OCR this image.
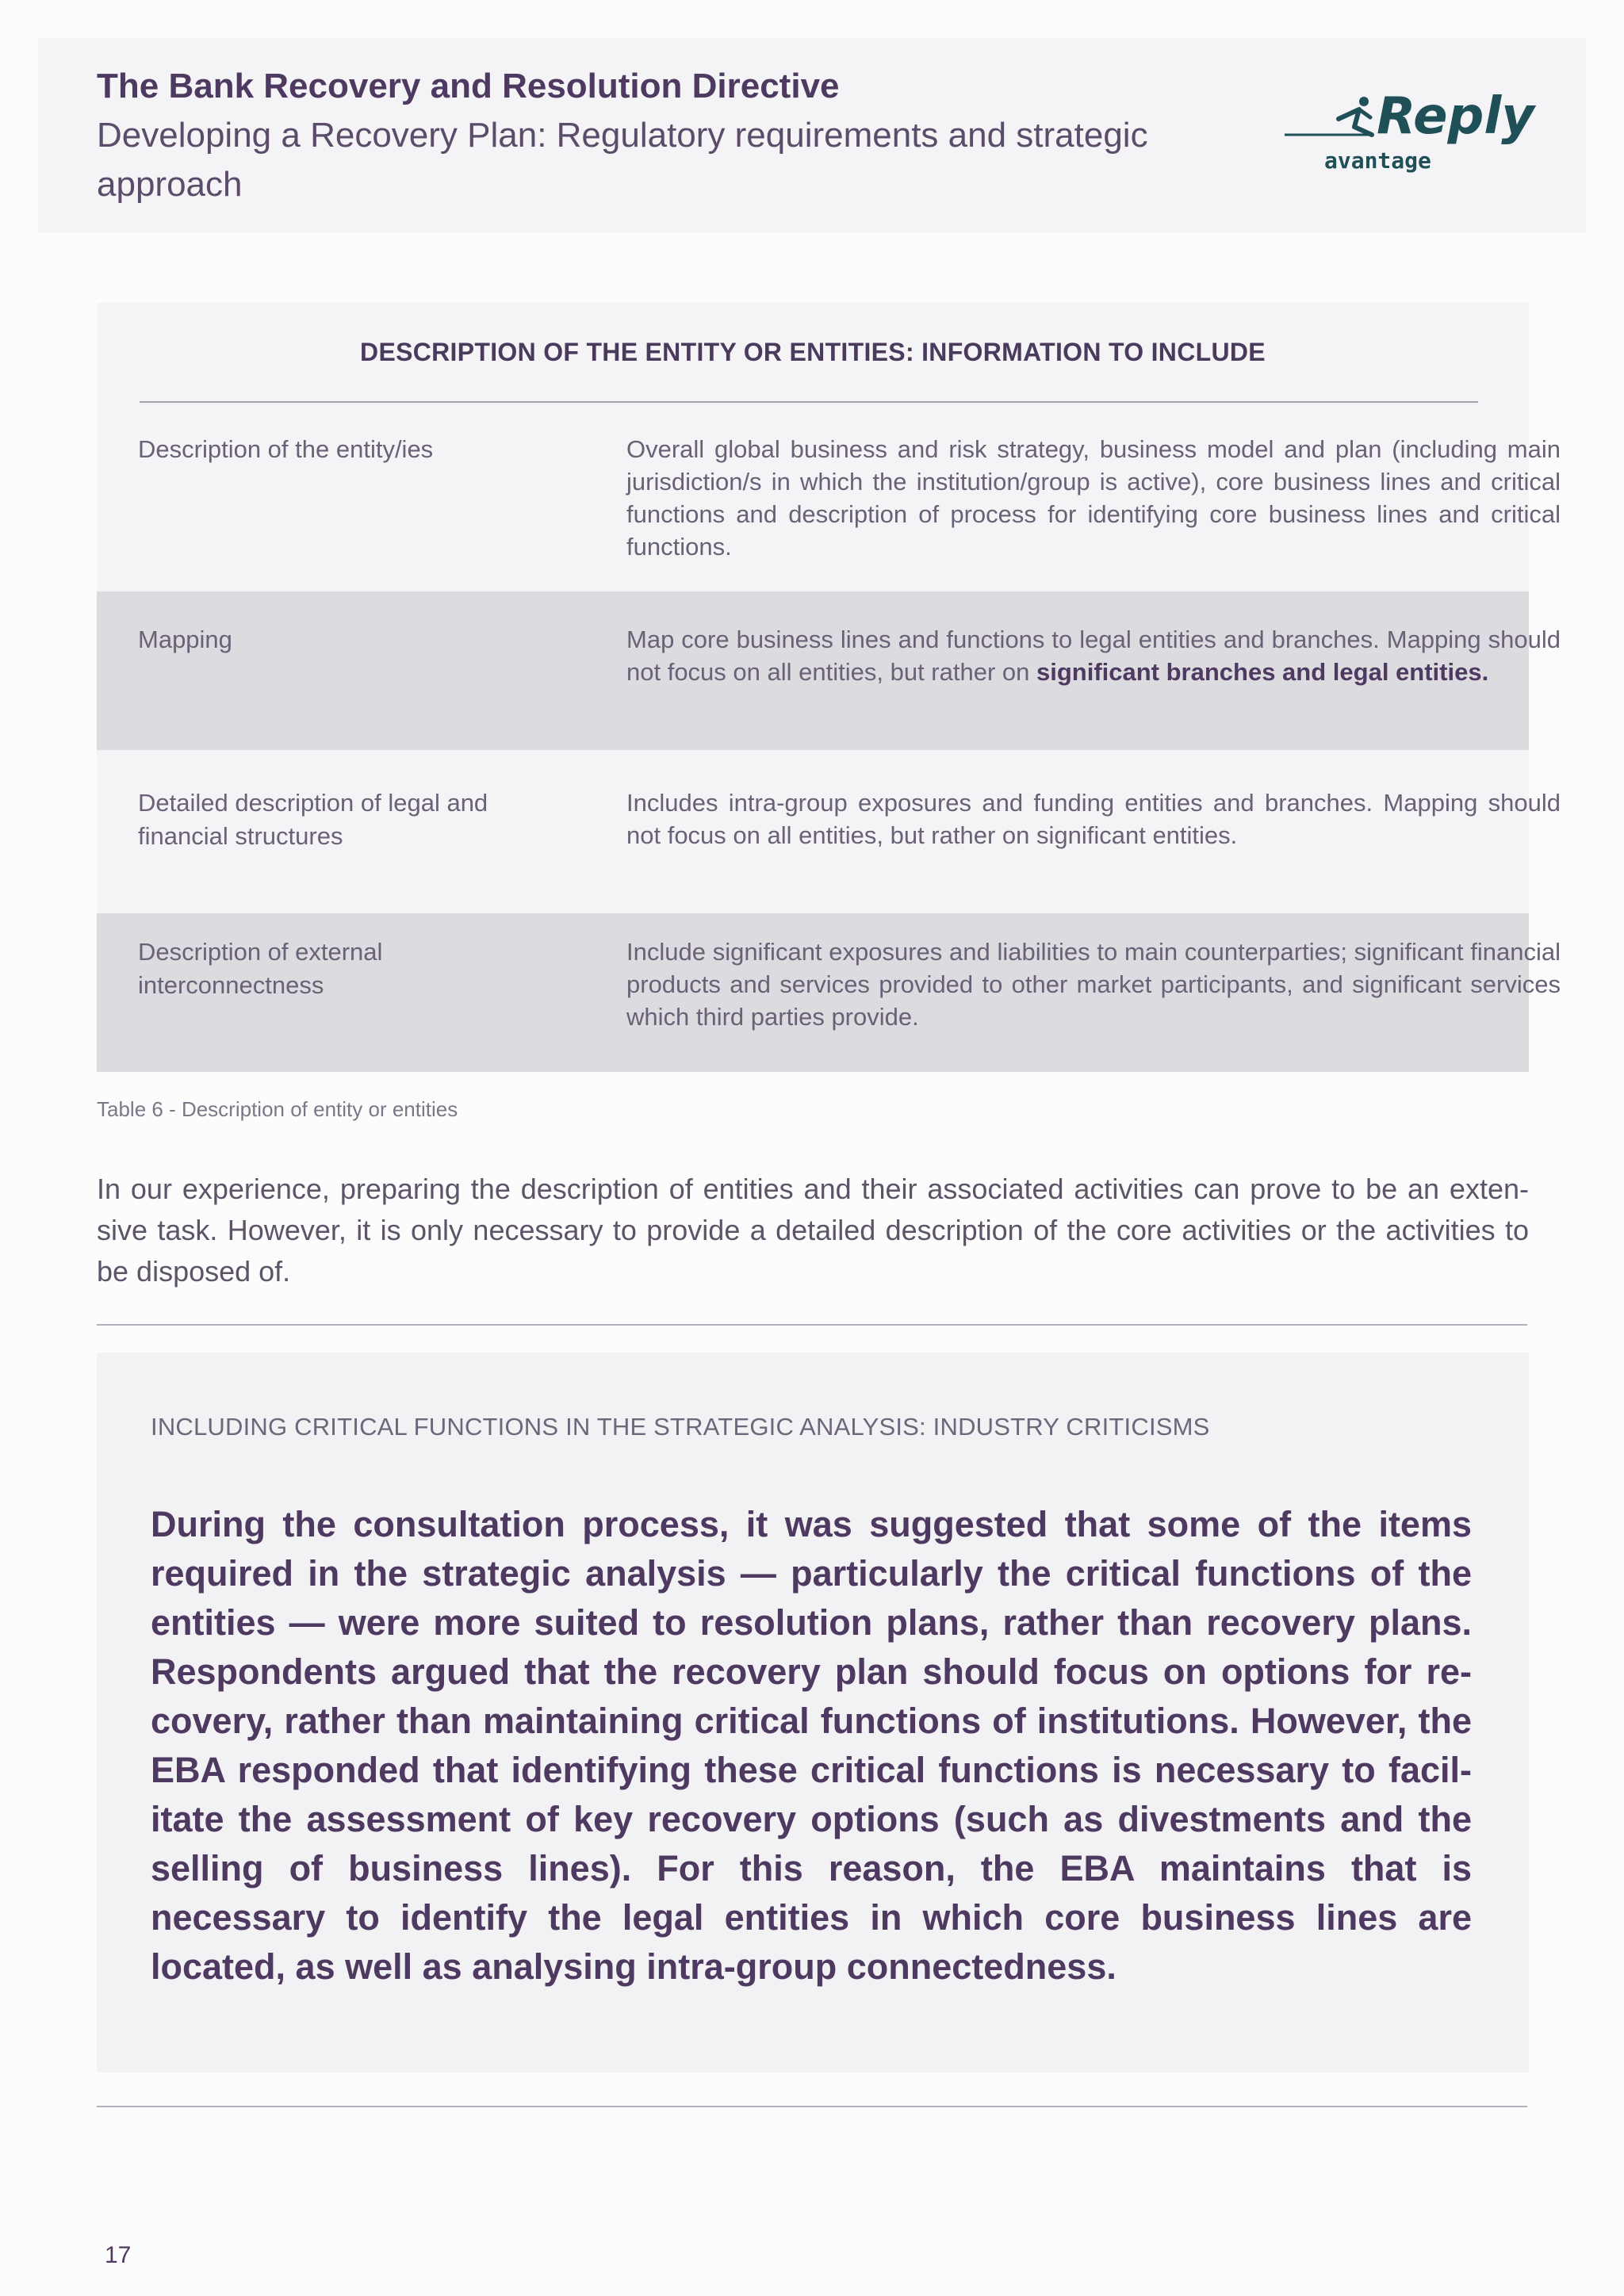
The Bank Recovery and Resolution Directive
Developing a Recovery Plan: Regulatory requirements and strategic approach
Reply
avantage
DESCRIPTION OF THE ENTITY OR ENTITIES: INFORMATION TO INCLUDE
Description of the entity/ies	Overall global business and risk strategy, business model and plan (including main jurisdiction/s in which the institution/group is active), core business lines and critical functions and description of process for identifying core business lines and critical functions.
Mapping	Map core business lines and functions to legal entities and branches. Mapping should not focus on all entities, but rather on significant branches and legal entities.
Detailed description of legal and financial structures
Includes intra-group exposures and funding entities and branches. Mapping should not focus on all entities, but rather on significant entities.
Description of external interconnectness
Include significant exposures and liabilities to main counterparties; significant financial products and services provided to other market participants, and significant services which third parties provide.
Table 6 - Description of entity or entities
In our experience, preparing the description of entities and their associated activities can prove to be an extensive task. However, it is only necessary to provide a detailed description of the core activities or the activities to be disposed of.
INCLUDING CRITICAL FUNCTIONS IN THE STRATEGIC ANALYSIS: INDUSTRY CRITICISMS
During the consultation process, it was suggested that some of the items required in the strategic analysis — particularly the critical functions of the entities — were more suited to resolution plans, rather than recovery plans. Respondents argued that the recovery plan should focus on options for recovery, rather than maintaining critical functions of institutions. However, the EBA responded that identifying these critical functions is necessary to facilitate the assessment of key recovery options (such as divestments and the selling of business lines). For this reason, the EBA maintains that is necessary to identify the legal entities in which core business lines are located, as well as analysing intra-group connectedness.
17
